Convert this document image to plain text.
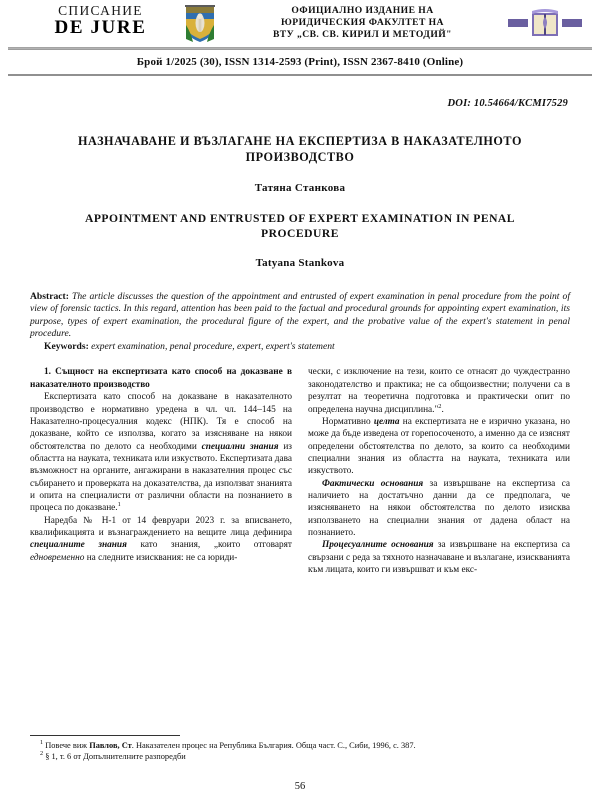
СПИСАНИЕ
DE JURE
ОФИЦИАЛНО ИЗДАНИЕ НА
ЮРИДИЧЕСКИЯ ФАКУЛТЕТ НА
ВТУ „СВ. СВ. КИРИЛ И МЕТОДИЙ"
Брой 1/2025 (30), ISSN 1314-2593 (Print), ISSN 2367-8410 (Online)
DOI: 10.54664/KCMI7529
НАЗНАЧАВАНЕ И ВЪЗЛАГАНЕ НА ЕКСПЕРТИЗА В НАКАЗАТЕЛНОТО ПРОИЗВОДСТВО
Татяна Станкова
APPOINTMENT AND ENTRUSTED OF EXPERT EXAMINATION IN PENAL PROCEDURE
Tatyana Stankova

Abstract: The article discusses the question of the appointment and entrusted of expert examination in penal procedure from the point of view of forensic tactics. In this regard, attention has been paid to the factual and procedural grounds for appointing expert examination, its purpose, types of expert examination, the procedural figure of the expert, and the probative value of the expert's statement in penal procedure.

Keywords: expert examination, penal procedure, expert, expert's statement

1. Същност на експертизата като способ на доказване в наказателното производство

Експертизата като способ на доказване в наказателното производство е нормативно уредена в чл. чл. 144–145 на Наказателно-процесуалния кодекс (НПК). Тя е способ на доказване, който се използва, когато за изясняване на някои обстоятелства по делото са необходими специални знания из областта на науката, техниката или изкуството. Експертизата дава възможност на органите, ангажирани в наказателния процес със събирането и проверката на доказателства, да използват знанията и опита на специалисти от различни области на познанието в процеса по доказване.$^1$

Наредба № Н-1 от 14 февруари 2023 г. за вписването, квалификацията и възнаграждението на вещите лица дефинира специалните знания като знания, „които отговарят едновременно на следните изисквания: не са юриди-

чески, с изключение на тези, които се отнасят до чуждестранно законодателство и практика; не са общоизвестни; получени са в резултат на теоретична подготовка и практически опит по определена научна дисциплина."$^2$.

Нормативно целта на експертизата не е изрично указана, но може да бъде изведена от горепосоченото, а именно да се изяснят определени обстоятелства по делото, за които са необходими специални знания из областта на науката, техниката или изкуството.

Фактически основания за извършване на експертиза са наличието на достатъчно данни да се предполага, че изясняването на някои обстоятелства по делото изисква използването на специални знания от дадена област на познанието.

Процесуалните основания за извършване на експертиза са свързани с реда за тяхното назначаване и възлагане, изискванията към лицата, които ги извършват и към екс-

$^1$ Повече виж Павлов, Ст. Наказателен процес на Република България. Обща част. С., Сиби, 1996, с. 387.

$^2$ § 1, т. 6 от Допълнителните разпоредби

56
